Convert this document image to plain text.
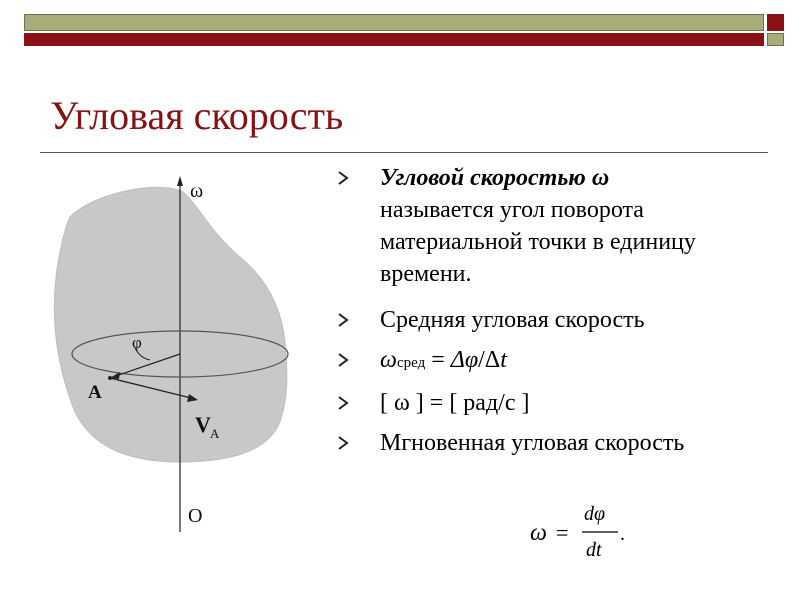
Угловая скорость
ω
φ
A
V A
O
Угловой скоростью ω
называется угол поворота материальной точки в единицу времени.
Средняя угловая скорость
ωсред = Δφ/Δt
[ ω ] = [ рад/с ]
Мгновенная угловая скорость
ω =
dφ
dt
.
